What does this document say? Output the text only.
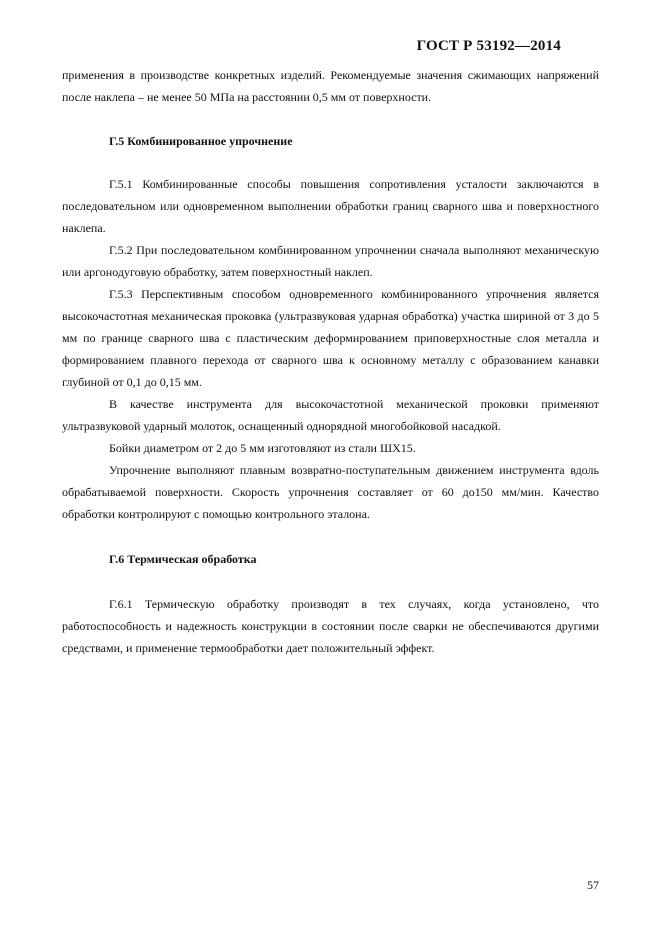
ГОСТ Р 53192—2014

применения в производстве конкретных изделий. Рекомендуемые значения сжимающих напряжений после наклепа – не менее 50 МПа на расстоянии 0,5 мм от поверхности.

Г.5 Комбинированное упрочнение

Г.5.1 Комбинированные способы повышения сопротивления усталости заключаются в последовательном или одновременном выполнении обработки границ сварного шва и поверхностного наклепа.

Г.5.2 При последовательном комбинированном упрочнении сначала выполняют механическую или аргонодуговую обработку, затем поверхностный наклеп.

Г.5.3 Перспективным способом одновременного комбинированного упрочнения является высокочастотная механическая проковка (ультразвуковая ударная обработка) участка шириной от 3 до 5 мм по границе сварного шва с пластическим деформированием приповерхностные слоя металла и формированием плавного перехода от сварного шва к основному металлу с образованием канавки глубиной от 0,1 до 0,15 мм.

В качестве инструмента для высокочастотной механической проковки применяют ультразвуковой ударный молоток, оснащенный однорядной многобойковой насадкой.

Бойки диаметром от 2 до 5 мм изготовляют из стали ШХ15.

Упрочнение выполняют плавным возвратно-поступательным движением инструмента вдоль обрабатываемой поверхности. Скорость упрочнения составляет от 60 до150 мм/мин. Качество обработки контролируют с помощью контрольного эталона.

Г.6 Термическая обработка

Г.6.1 Термическую обработку производят в тех случаях, когда установлено, что работоспособность и надежность конструкции в состоянии после сварки не обеспечиваются другими средствами, и применение термообработки дает положительный эффект.

57
